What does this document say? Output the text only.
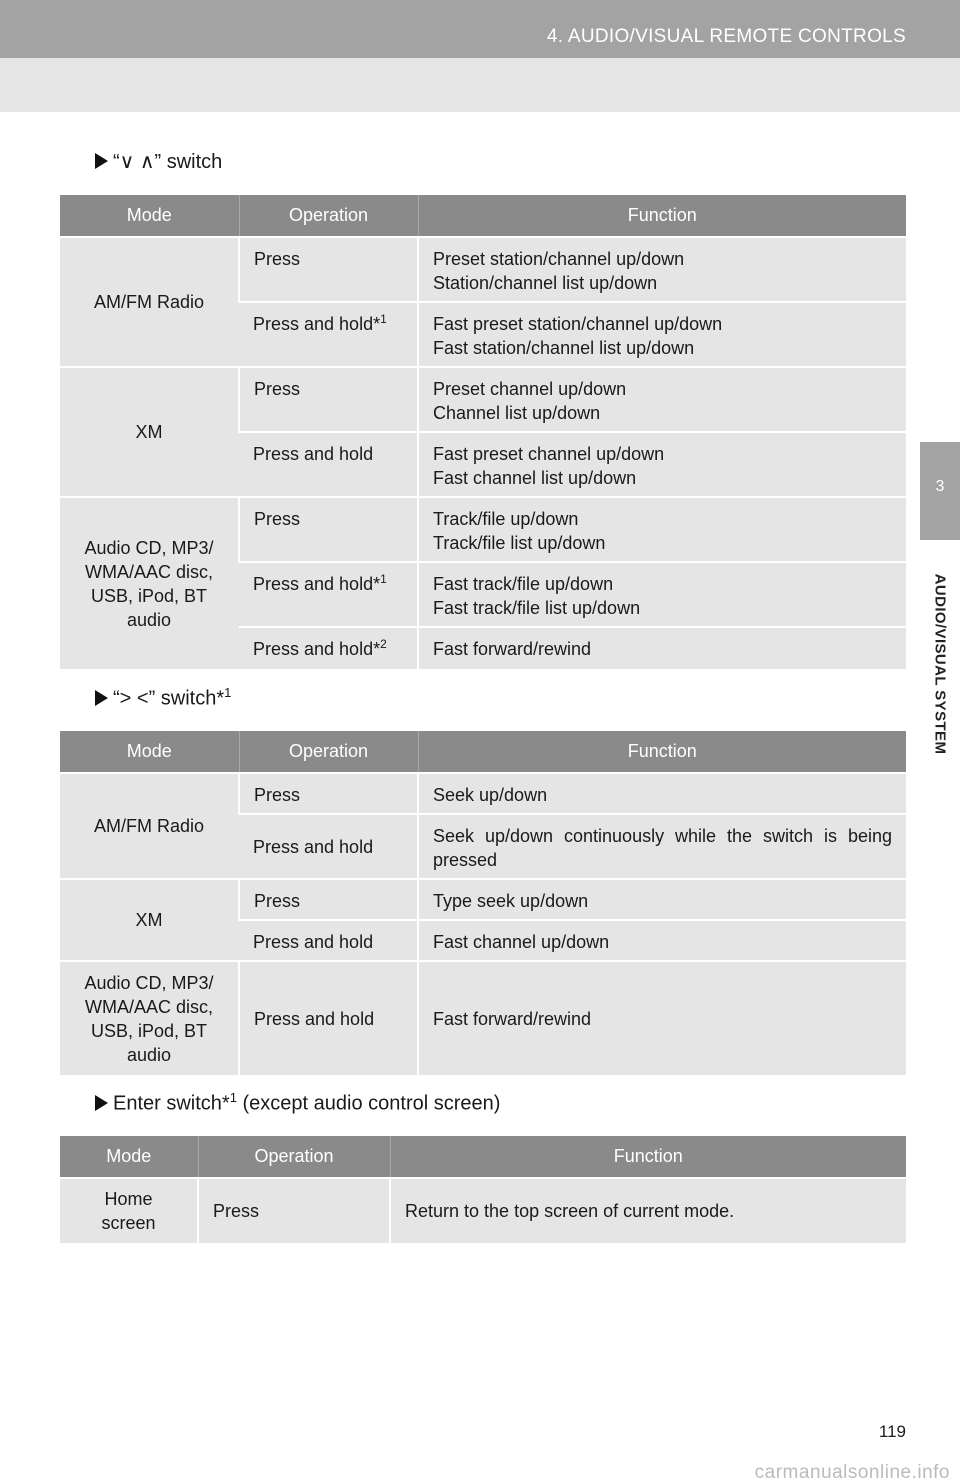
4. AUDIO/VISUAL REMOTE CONTROLS
3
AUDIO/VISUAL SYSTEM
“∨ ∧” switch
Mode	Operation	Function
AM/FM Radio	Press	Preset station/channel up/down
Station/channel list up/down
	Press and hold*$^1$	Fast preset station/channel up/down
Fast station/channel list up/down
XM	Press	Preset channel up/down
Channel list up/down
	Press and hold	Fast preset channel up/down
Fast channel list up/down
Audio CD, MP3/
WMA/AAC disc,
USB, iPod, BT
audio	Press	Track/file up/down
Track/file list up/down
	Press and hold*$^1$	Fast track/file up/down
Fast track/file list up/down
	Press and hold*$^2$	Fast forward/rewind
“> <” switch*$^1$
Mode	Operation	Function
AM/FM Radio	Press	Seek up/down
	Press and hold	Seek up/down continuously while the switch is being pressed
XM	Press	Type seek up/down
	Press and hold	Fast channel up/down
Audio CD, MP3/
WMA/AAC disc,
USB, iPod, BT
audio	Press and hold	Fast forward/rewind
Enter switch*$^1$ (except audio control screen)
Mode	Operation	Function
Home
screen	Press	Return to the top screen of current mode.
119
carmanualsonline.info
